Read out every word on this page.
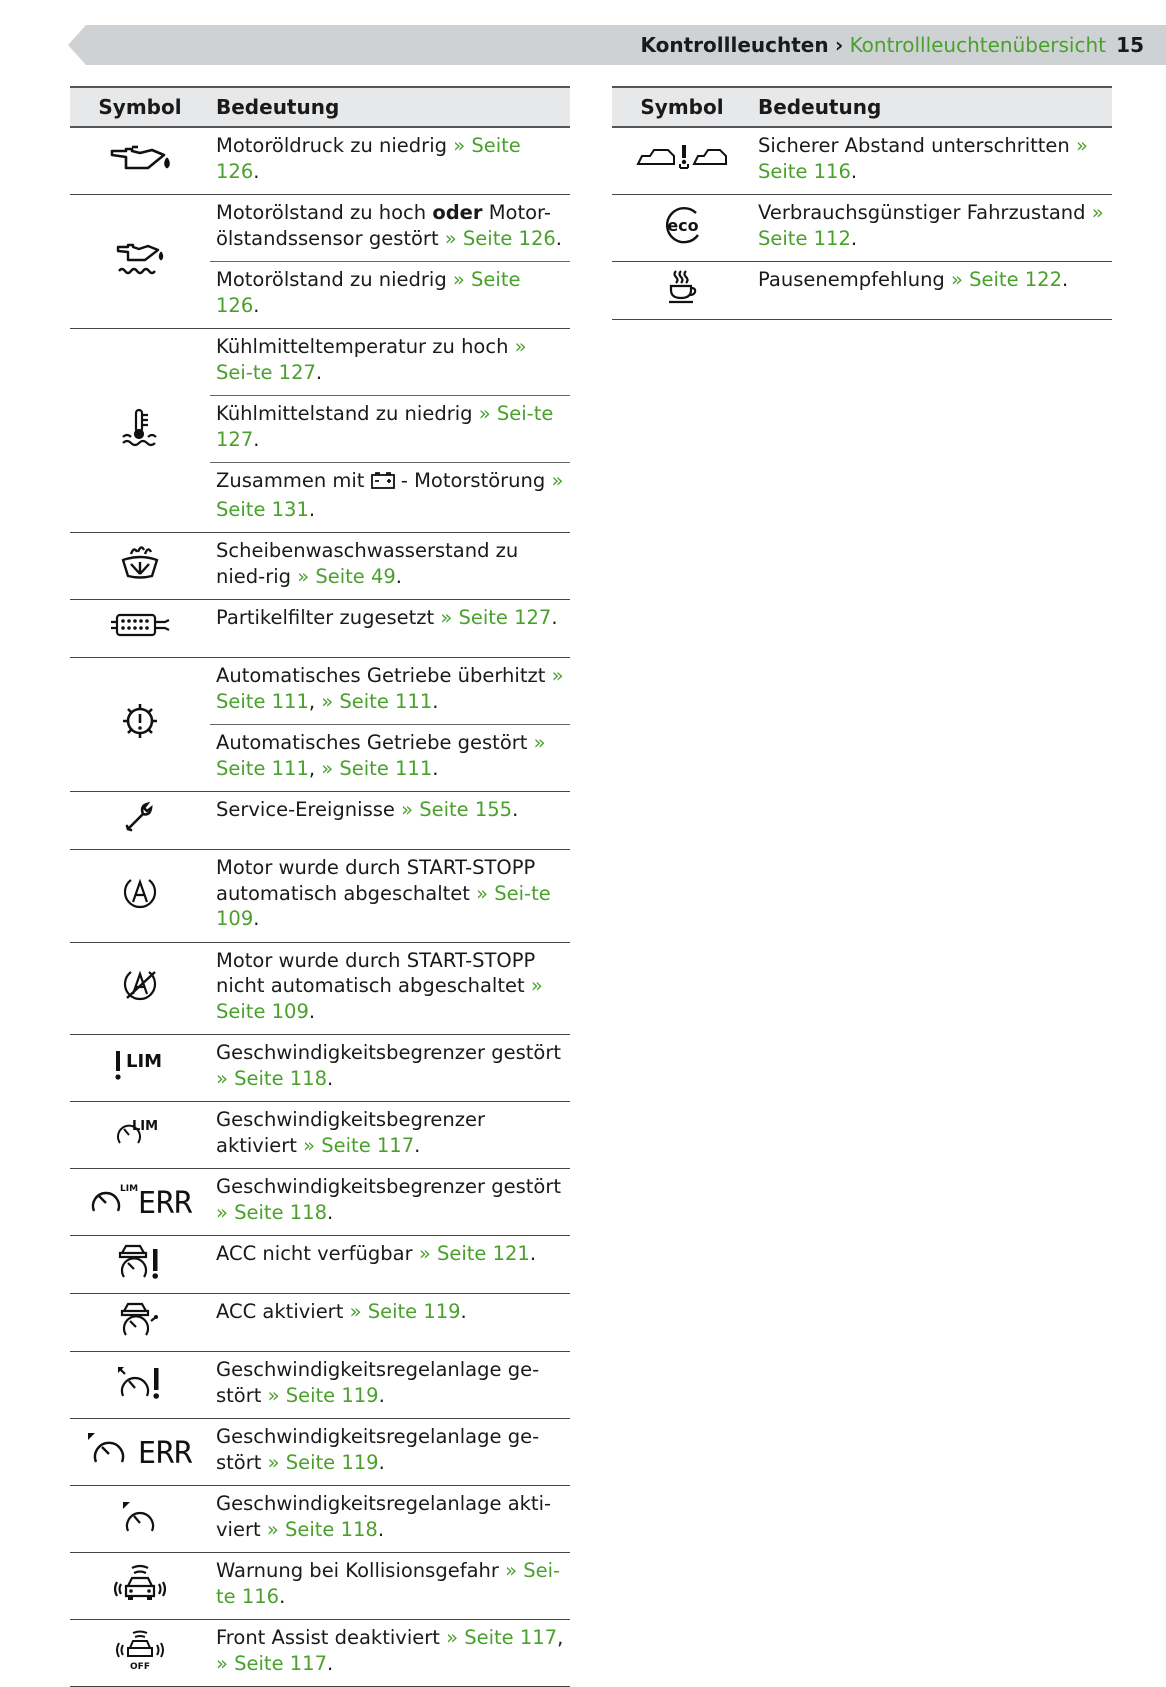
Kontrollleuchten › Kontrollleuchtenübersicht 15
Symbol	Bedeutung

	Motoröldruck zu niedrig » Seite 126.

	Motorölstand zu hoch oder Motor-ölstandssensor gestört » Seite 126.
	Motorölstand zu niedrig » Seite 126.

	Kühlmitteltemperatur zu hoch » Sei-te 127.
	Kühlmittelstand zu niedrig » Sei-te 127.
	Zusammen mit  - Motorstörung » Seite 131.

	Scheibenwaschwasserstand zu nied-rig » Seite 49.

	Partikelfilter zugesetzt » Seite 127.

	Automatisches Getriebe überhitzt » Seite 111, » Seite 111.
	Automatisches Getriebe gestört » Seite 111, » Seite 111.

	Service-Ereignisse » Seite 155.

	Motor wurde durch START-STOPP automatisch abgeschaltet » Sei-te 109.

	Motor wurde durch START-STOPP nicht automatisch abgeschaltet » Seite 109.

LIM	Geschwindigkeitsbegrenzer gestört » Seite 118.

LIM	Geschwindigkeitsbegrenzer aktiviert » Seite 117.

LIM ERR	Geschwindigkeitsbegrenzer gestört » Seite 118.

	ACC nicht verfügbar » Seite 121.

	ACC aktiviert » Seite 119.

	Geschwindigkeitsregelanlage ge-stört » Seite 119.

ERR	Geschwindigkeitsregelanlage ge-stört » Seite 119.

	Geschwindigkeitsregelanlage akti-viert » Seite 118.

	Warnung bei Kollisionsgefahr » Sei-te 116.

OFF	Front Assist deaktiviert » Seite 117, » Seite 117.
Symbol	Bedeutung

	Sicherer Abstand unterschritten » Seite 116.

eco	Verbrauchsgünstiger Fahrzustand » Seite 112.

	Pausenempfehlung » Seite 122.
